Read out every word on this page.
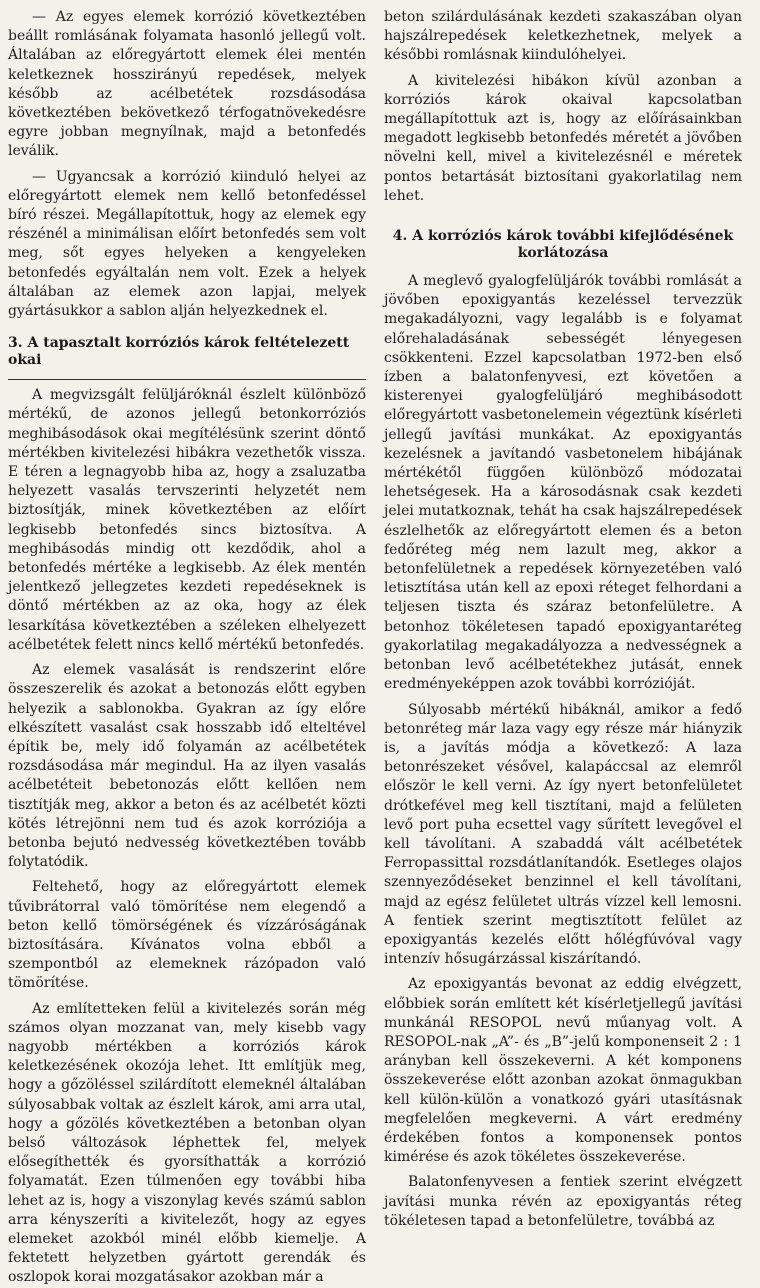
— Az egyes elemek korrózió következtében beállt romlásának folyamata hasonló jellegű volt. Általában az előregyártott elemek élei mentén keletkeznek hosszirányú repedések, melyek később az acélbetétek rozsdásodása következtében bekövetkező térfogatnövekedésre egyre jobban megnyílnak, majd a betonfedés leválik.

— Ugyancsak a korrózió kiinduló helyei az előregyártott elemek nem kellő betonfedéssel bíró részei. Megállapítottuk, hogy az elemek egy részénél a minimálisan előírt betonfedés sem volt meg, sőt egyes helyeken a kengyeleken betonfedés egyáltalán nem volt. Ezek a helyek általában az elemek azon lapjai, melyek gyártásukkor a sablon alján helyezkednek el.

3. A tapasztalt korróziós károk feltételezett okai

A megvizsgált felüljáróknál észlelt különböző mértékű, de azonos jellegű betonkorróziós meghibásodások okai megítélésünk szerint döntő mértékben kivitelezési hibákra vezethetők vissza. E téren a legnagyobb hiba az, hogy a zsaluzatba helyezett vasalás tervszerinti helyzetét nem biztosítják, minek következtében az előírt legkisebb betonfedés sincs biztosítva. A meghibásodás mindig ott kezdődik, ahol a betonfedés mértéke a legkisebb. Az élek mentén jelentkező jellegzetes kezdeti repedéseknek is döntő mértékben az az oka, hogy az élek lesarkítása következtében a széleken elhelyezett acélbetétek felett nincs kellő mértékű betonfedés.

Az elemek vasalását is rendszerint előre összeszerelik és azokat a betonozás előtt egyben helyezik a sablonokba. Gyakran az így előre elkészített vasalást csak hosszabb idő elteltével építik be, mely idő folyamán az acélbetétek rozsdásodása már megindul. Ha az ilyen vasalás acélbetéteit bebetonozás előtt kellően nem tisztítják meg, akkor a beton és az acélbetét közti kötés létrejönni nem tud és azok korróziója a betonba bejutó nedvesség következtében tovább folytatódik.

Feltehető, hogy az előregyártott elemek tűvibrátorral való tömörítése nem elegendő a beton kellő tömörségének és vízzáróságának biztosítására. Kívánatos volna ebből a szempontból az elemeknek rázópadon való tömörítése.

Az említetteken felül a kivitelezés során még számos olyan mozzanat van, mely kisebb vagy nagyobb mértékben a korróziós károk keletkezésének okozója lehet. Itt említjük meg, hogy a gőzöléssel szilárdított elemeknél általában súlyosabbak voltak az észlelt károk, ami arra utal, hogy a gőzölés következtében a betonban olyan belső változások léphettek fel, melyek elősegíthették és gyorsíthatták a korrózió folyamatát. Ezen túlmenően egy további hiba lehet az is, hogy a viszonylag kevés számú sablon arra kényszeríti a kivitelezőt, hogy az egyes elemeket azokból minél előbb kiemelje. A fektetett helyzetben gyártott gerendák és oszlopok korai mozgatásakor azokban már a

beton szilárdulásának kezdeti szakaszában olyan hajszálrepedések keletkezhetnek, melyek a későbbi romlásnak kiindulóhelyei.

A kivitelezési hibákon kívül azonban a korróziós károk okaival kapcsolatban megállapítottuk azt is, hogy az előírásainkban megadott legkisebb betonfedés méretét a jövőben növelni kell, mivel a kivitelezésnél e méretek pontos betartását biztosítani gyakorlatilag nem lehet.

4. A korróziós károk további kifejlődésének korlátozása

A meglevő gyalogfelüljárók további romlását a jövőben epoxigyantás kezeléssel tervezzük megakadályozni, vagy legalább is e folyamat előrehaladásának sebességét lényegesen csökkenteni. Ezzel kapcsolatban 1972-ben első ízben a balatonfenyvesi, ezt követően a kisterenyei gyalogfelüljáró meghibásodott előregyártott vasbetonelemein végeztünk kísérleti jellegű javítási munkákat. Az epoxigyantás kezelésnek a javítandó vasbetonelem hibájának mértékétől függően különböző módozatai lehetségesek. Ha a károsodásnak csak kezdeti jelei mutatkoznak, tehát ha csak hajszálrepedések észlelhetők az előregyártott elemen és a beton fedőréteg még nem lazult meg, akkor a betonfelületnek a repedések környezetében való letisztítása után kell az epoxi réteget felhordani a teljesen tiszta és száraz betonfelületre. A betonhoz tökéletesen tapadó epoxigyantaréteg gyakorlatilag megakadályozza a nedvességnek a betonban levő acélbetétekhez jutását, ennek eredményeképpen azok további korrózióját.

Súlyosabb mértékű hibáknál, amikor a fedő betonréteg már laza vagy egy része már hiányzik is, a javítás módja a következő: A laza betonrészeket vésővel, kalapáccsal az elemről először le kell verni. Az így nyert betonfelületet drótkefével meg kell tisztítani, majd a felületen levő port puha ecsettel vagy sűrített levegővel el kell távolítani. A szabaddá vált acélbetétek Ferropassittal rozsdátlanítandók. Esetleges olajos szennyeződéseket benzinnel el kell távolítani, majd az egész felületet ultrás vízzel kell lemosni. A fentiek szerint megtisztított felület az epoxigyantás kezelés előtt hőlégfúvóval vagy intenzív hősugárzással kiszárítandó.

Az epoxigyantás bevonat az eddig elvégzett, előbbiek során említett két kísérletjellegű javítási munkánál RESOPOL nevű műanyag volt. A RESOPOL-nak „A”- és „B”-jelű komponenseit 2 : 1 arányban kell összekeverni. A két komponens összekeverése előtt azonban azokat önmagukban kell külön-külön a vonatkozó gyári utasításnak megfelelően megkeverni. A várt eredmény érdekében fontos a komponensek pontos kimérése és azok tökéletes összekeverése.

Balatonfenyvesen a fentiek szerint elvégzett javítási munka révén az epoxigyantás réteg tökéletesen tapad a betonfelületre, továbbá az
